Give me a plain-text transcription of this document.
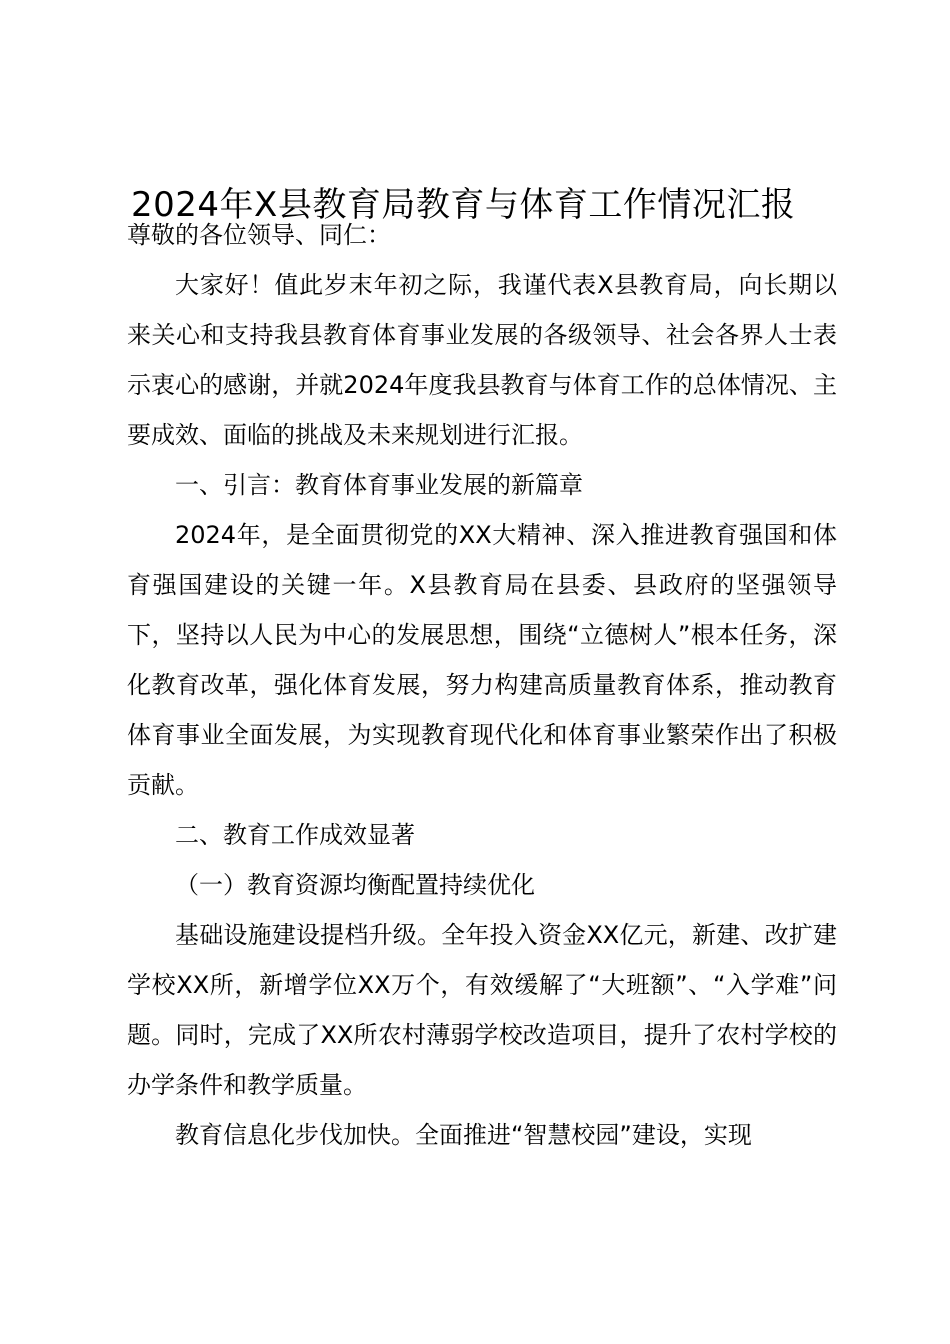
2024年X县教育局教育与体育工作情况汇报

尊敬的各位领导、同仁：

大家好！值此岁末年初之际，我谨代表X县教育局，向长期以来关心和支持我县教育体育事业发展的各级领导、社会各界人士表示衷心的感谢，并就2024年度我县教育与体育工作的总体情况、主要成效、面临的挑战及未来规划进行汇报。

一、引言：教育体育事业发展的新篇章

2024年，是全面贯彻党的XX大精神、深入推进教育强国和体育强国建设的关键一年。X县教育局在县委、县政府的坚强领导下，坚持以人民为中心的发展思想，围绕“立德树人”根本任务，深化教育改革，强化体育发展，努力构建高质量教育体系，推动教育体育事业全面发展，为实现教育现代化和体育事业繁荣作出了积极贡献。

二、教育工作成效显著

（一）教育资源均衡配置持续优化

基础设施建设提档升级。全年投入资金XX亿元，新建、改扩建学校XX所，新增学位XX万个，有效缓解了“大班额”、“入学难”问题。同时，完成了XX所农村薄弱学校改造项目，提升了农村学校的办学条件和教学质量。

教育信息化步伐加快。全面推进“智慧校园”建设，实现
